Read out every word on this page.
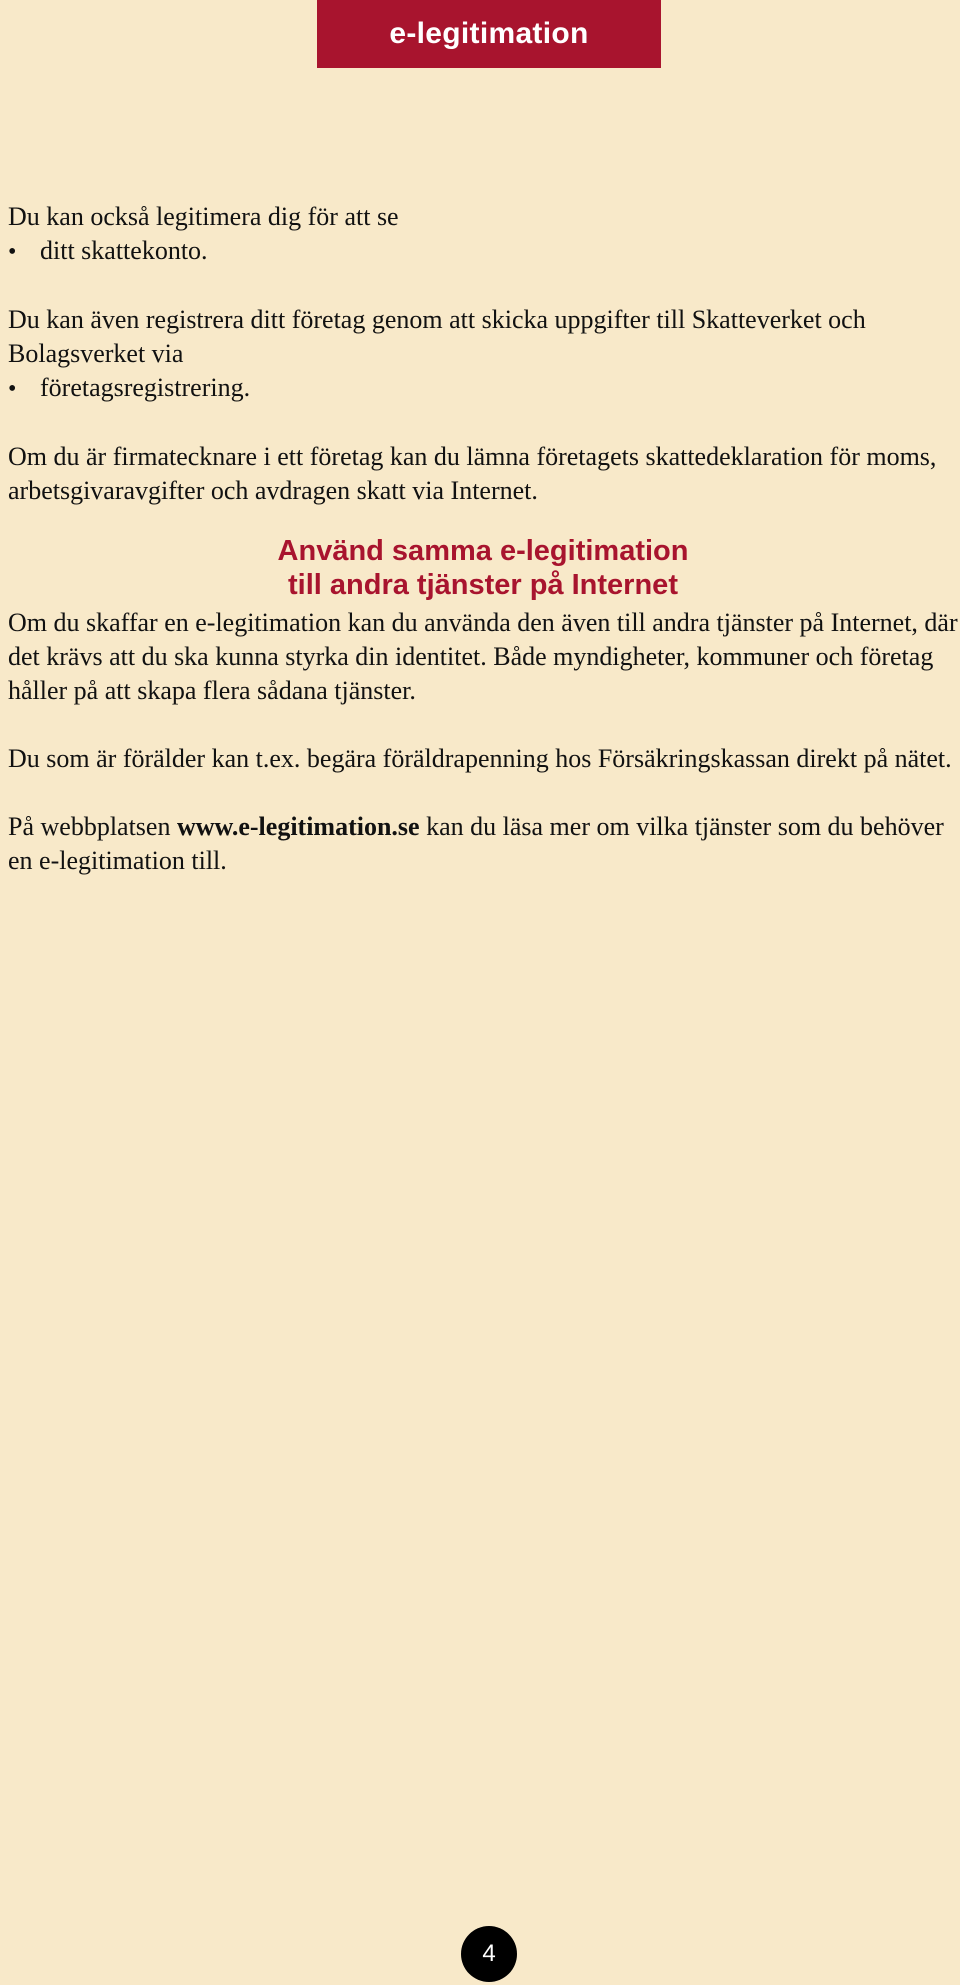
e-legitimation

Du kan också legitimera dig för att se

• ditt skattekonto.

Du kan även registrera ditt företag genom att skicka uppgifter till Skatteverket och Bolagsverket via

• företagsregistrering.

Om du är firmatecknare i ett företag kan du lämna företagets skattedeklaration för moms, arbetsgivaravgifter och avdragen skatt via Internet.

Använd samma e-legitimation
till andra tjänster på Internet

Om du skaffar en e-legitimation kan du använda den även till andra tjänster på Internet, där det krävs att du ska kunna styrka din identitet. Både myndigheter, kommuner och företag håller på att skapa flera sådana tjänster.

Du som är förälder kan t.ex. begära föräldrapenning hos Försäkringskassan direkt på nätet.

På webbplatsen www.e-legitimation.se kan du läsa mer om vilka tjänster som du behöver en e-legitimation till.

4
